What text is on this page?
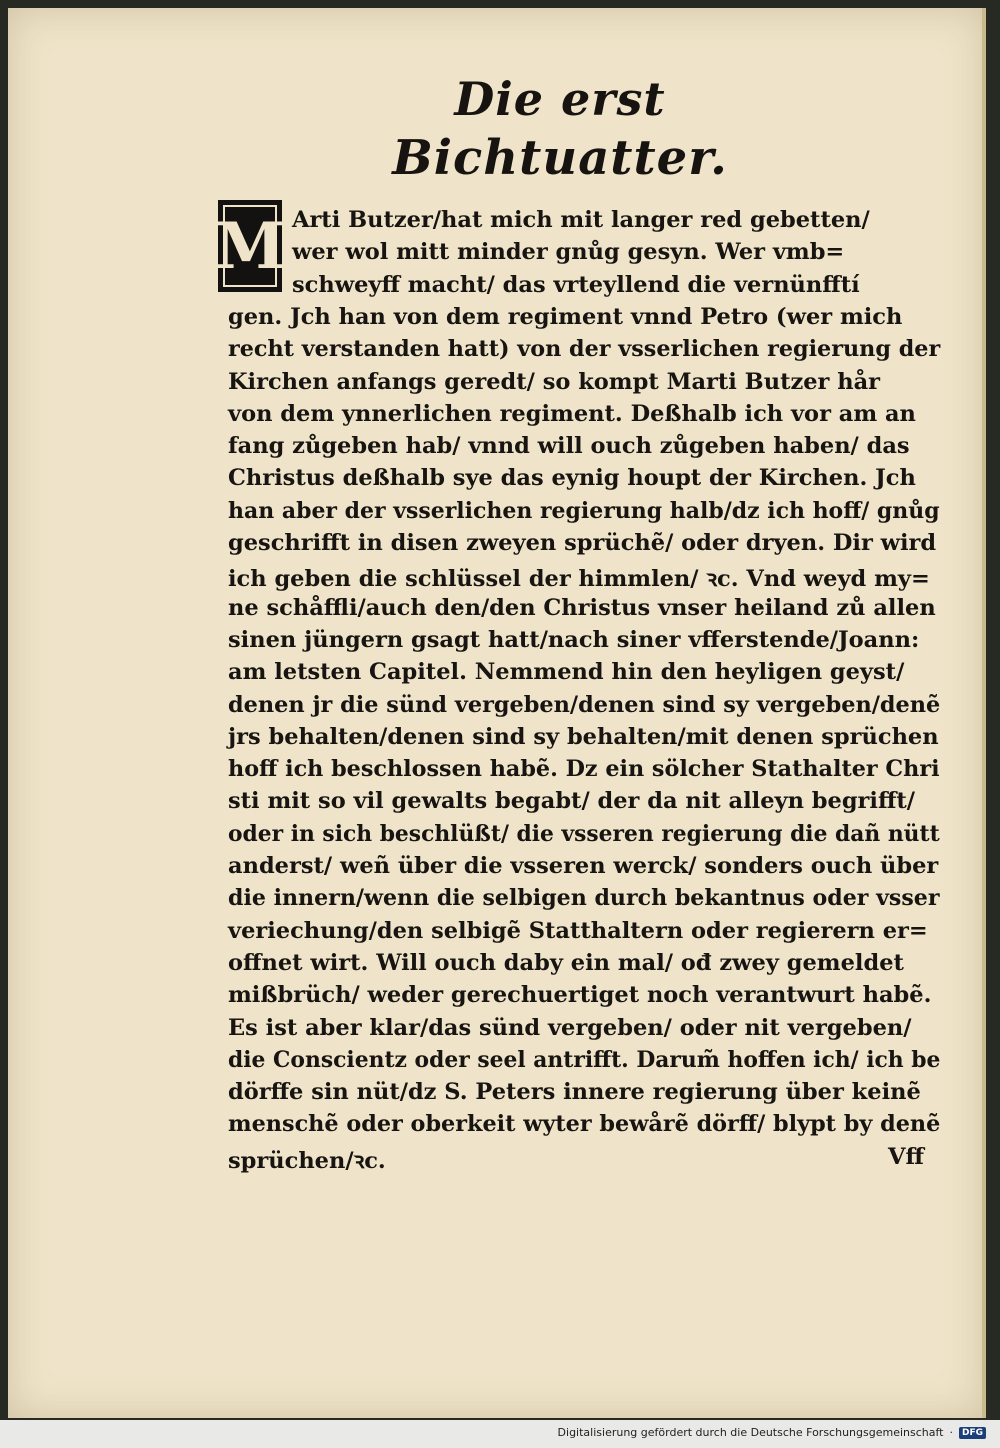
Die erst
Bichtuatter.
M Arti Butzer/hat mich mit langer red gebetten/
wer wol mitt minder gnůg gesyn. Wer vmb=
schweyff macht/ das vrteyllend die vernünfftí
gen. Jch han von dem regiment vnnd Petro (wer mich
recht verstanden hatt) von der vsserlichen regierung der
Kirchen anfangs geredt/ so kompt Marti Butzer hår
von dem ynnerlichen regiment. Deßhalb ich vor am an
fang zůgeben hab/ vnnd will ouch zůgeben haben/ das
Christus deßhalb sye das eynig houpt der Kirchen. Jch
han aber der vsserlichen regierung halb/dz ich hoff/ gnůg
geschrifft in disen zweyen sprüchẽ/ oder dryen. Dir wird
ich geben die schlüssel der himmlen/ ꝛc. Vnd weyd my=
ne schåffli/auch den/den Christus vnser heiland zů allen
sinen jüngern gsagt hatt/nach siner vfferstende/Joann:
am letsten Capitel. Nemmend hin den heyligen geyst/
denen jr die sünd vergeben/denen sind sy vergeben/denẽ
jrs behalten/denen sind sy behalten/mit denen sprüchen
hoff ich beschlossen habẽ. Dz ein sölcher Stathalter Chri
sti mit so vil gewalts begabt/ der da nit alleyn begrifft/
oder in sich beschlüßt/ die vsseren regierung die dañ nütt
anderst/ weñ über die vsseren werck/ sonders ouch über
die innern/wenn die selbigen durch bekantnus oder vsser
veriechung/den selbigẽ Statthaltern oder regierern er=
offnet wirt. Will ouch daby ein mal/ ođ zwey gemeldet
mißbrüch/ weder gerechuertiget noch verantwurt habẽ.
Es ist aber klar/das sünd vergeben/ oder nit vergeben/
die Conscientz oder seel antrifft. Darum̃ hoffen ich/ ich be
dörffe sin nüt/dz S. Peters innere regierung über keinẽ
menschẽ oder oberkeit wyter bewårẽ dörff/ blypt by denẽ
sprüchen/ꝛc.	Vff
Digitalisierung gefördert durch die Deutsche Forschungsgemeinschaft ·	DFG
